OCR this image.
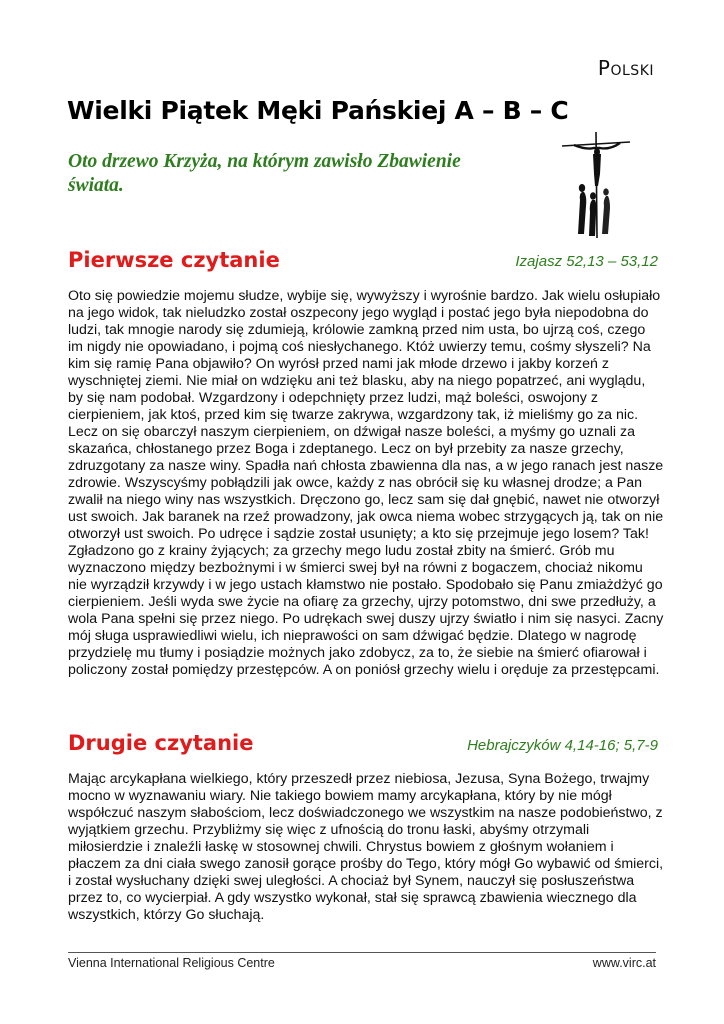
Polski
Wielki Piątek Męki Pańskiej A – B – C
Oto drzewo Krzyża, na którym zawisło Zbawienie świata.
Pierwsze czytanie	Izajasz 52,13 – 53,12

Oto się powiedzie mojemu słudze, wybije się, wywyższy i wyrośnie bardzo. Jak wielu osłupiało na jego widok, tak nieludzko został oszpecony jego wygląd i postać jego była niepodobna do ludzi, tak mnogie narody się zdumieją, królowie zamkną przed nim usta, bo ujrzą coś, czego im nigdy nie opowiadano, i pojmą coś niesłychanego. Któż uwierzy temu, cośmy słyszeli? Na kim się ramię Pana objawiło? On wyrósł przed nami jak młode drzewo i jakby korzeń z wyschniętej ziemi. Nie miał on wdzięku ani też blasku, aby na niego popatrzeć, ani wyglądu, by się nam podobał. Wzgardzony i odepchnięty przez ludzi, mąż boleści, oswojony z cierpieniem, jak ktoś, przed kim się twarze zakrywa, wzgardzony tak, iż mieliśmy go za nic. Lecz on się obarczył naszym cierpieniem, on dźwigał nasze boleści, a myśmy go uznali za skazańca, chłostanego przez Boga i zdeptanego. Lecz on był przebity za nasze grzechy, zdruzgotany za nasze winy. Spadła nań chłosta zbawienna dla nas, a w jego ranach jest nasze zdrowie. Wszyscyśmy pobłądzili jak owce, każdy z nas obrócił się ku własnej drodze; a Pan zwalił na niego winy nas wszystkich. Dręczono go, lecz sam się dał gnębić, nawet nie otworzył ust swoich. Jak baranek na rzeź prowadzony, jak owca niema wobec strzygących ją, tak on nie otworzył ust swoich. Po udręce i sądzie został usunięty; a kto się przejmuje jego losem? Tak! Zgładzono go z krainy żyjących; za grzechy mego ludu został zbity na śmierć. Grób mu wyznaczono między bezbożnymi i w śmierci swej był na równi z bogaczem, chociaż nikomu nie wyrządził krzywdy i w jego ustach kłamstwo nie postało. Spodobało się Panu zmiażdżyć go cierpieniem. Jeśli wyda swe życie na ofiarę za grzechy, ujrzy potomstwo, dni swe przedłuży, a wola Pana spełni się przez niego. Po udrękach swej duszy ujrzy światło i nim się nasyci. Zacny mój sługa usprawiedliwi wielu, ich nieprawości on sam dźwigać będzie. Dlatego w nagrodę przydzielę mu tłumy i posiądzie możnych jako zdobycz, za to, że siebie na śmierć ofiarował i policzony został pomiędzy przestępców. A on poniósł grzechy wielu i oręduje za przestępcami.

Drugie czytanie	Hebrajczyków 4,14-16; 5,7-9

Mając arcykapłana wielkiego, który przeszedł przez niebiosa, Jezusa, Syna Bożego, trwajmy mocno w wyznawaniu wiary. Nie takiego bowiem mamy arcykapłana, który by nie mógł współczuć naszym słabościom, lecz doświadczonego we wszystkim na nasze podobieństwo, z wyjątkiem grzechu. Przybliżmy się więc z ufnością do tronu łaski, abyśmy otrzymali miłosierdzie i znaleźli łaskę w stosownej chwili. Chrystus bowiem z głośnym wołaniem i płaczem za dni ciała swego zanosił gorące prośby do Tego, który mógł Go wybawić od śmierci, i został wysłuchany dzięki swej uległości. A chociaż był Synem, nauczył się posłuszeństwa przez to, co wycierpiał. A gdy wszystko wykonał, stał się sprawcą zbawienia wiecznego dla wszystkich, którzy Go słuchają.

Vienna International Religious Centre	www.virc.at
